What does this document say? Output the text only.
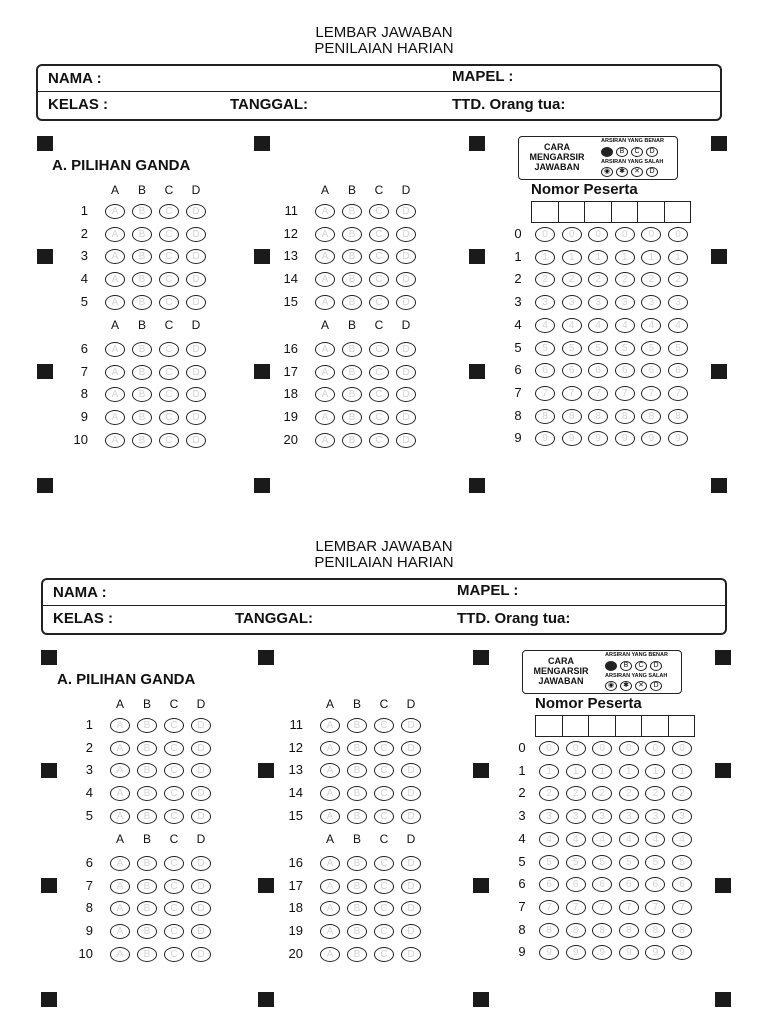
LEMBAR JAWABAN
PENILAIAN HARIAN
NAMA :	MAPEL :
KELAS :	TANGGAL:	TTD. Orang tua:
A. PILIHAN GANDA
A B C D
1	A	B	C	D
2	A	B	C	D
3	A	B	C	D
4	A	B	C	D
5	A	B	C	D
A B C D
6	A	B	C	D
7	A	B	C	D
8	A	B	C	D
9	A	B	C	D
10	A	B	C	D
A B C D
11	A	B	C	D
12	A	B	C	D
13	A	B	C	D
14	A	B	C	D
15	A	B	C	D
A B C D
16	A	B	C	D
17	A	B	C	D
18	A	B	C	D
19	A	B	C	D
20	A	B	C	D
CARA MENGARSIR JAWABAN
ARSIRAN YANG BENAR
ARSIRAN YANG SALAH
B	C	D
◉	✱	✕	D
Nomor Peserta
0	0	0	0	0	0	0
1	1	1	1	1	1	1
2	2	2	2	2	2	2
3	3	3	3	3	3	3
4	4	4	4	4	4	4
5	5	5	5	5	5	5
6	6	6	6	6	6	6
7	7	7	7	7	7	7
8	8	8	8	8	8	8
9	9	9	9	9	9	9
LEMBAR JAWABAN
PENILAIAN HARIAN
NAMA :	MAPEL :
KELAS :	TANGGAL:	TTD. Orang tua:
A. PILIHAN GANDA
A B C D
1	A	B	C	D
2	A	B	C	D
3	A	B	C	D
4	A	B	C	D
5	A	B	C	D
A B C D
6	A	B	C	D
7	A	B	C	D
8	A	B	C	D
9	A	B	C	D
10	A	B	C	D
A B C D
11	A	B	C	D
12	A	B	C	D
13	A	B	C	D
14	A	B	C	D
15	A	B	C	D
A B C D
16	A	B	C	D
17	A	B	C	D
18	A	B	C	D
19	A	B	C	D
20	A	B	C	D
CARA MENGARSIR JAWABAN
ARSIRAN YANG BENAR
ARSIRAN YANG SALAH
B	C	D
◉	✱	✕	D
Nomor Peserta
0	0	0	0	0	0	0
1	1	1	1	1	1	1
2	2	2	2	2	2	2
3	3	3	3	3	3	3
4	4	4	4	4	4	4
5	5	5	5	5	5	5
6	6	6	6	6	6	6
7	7	7	7	7	7	7
8	8	8	8	8	8	8
9	9	9	9	9	9	9
